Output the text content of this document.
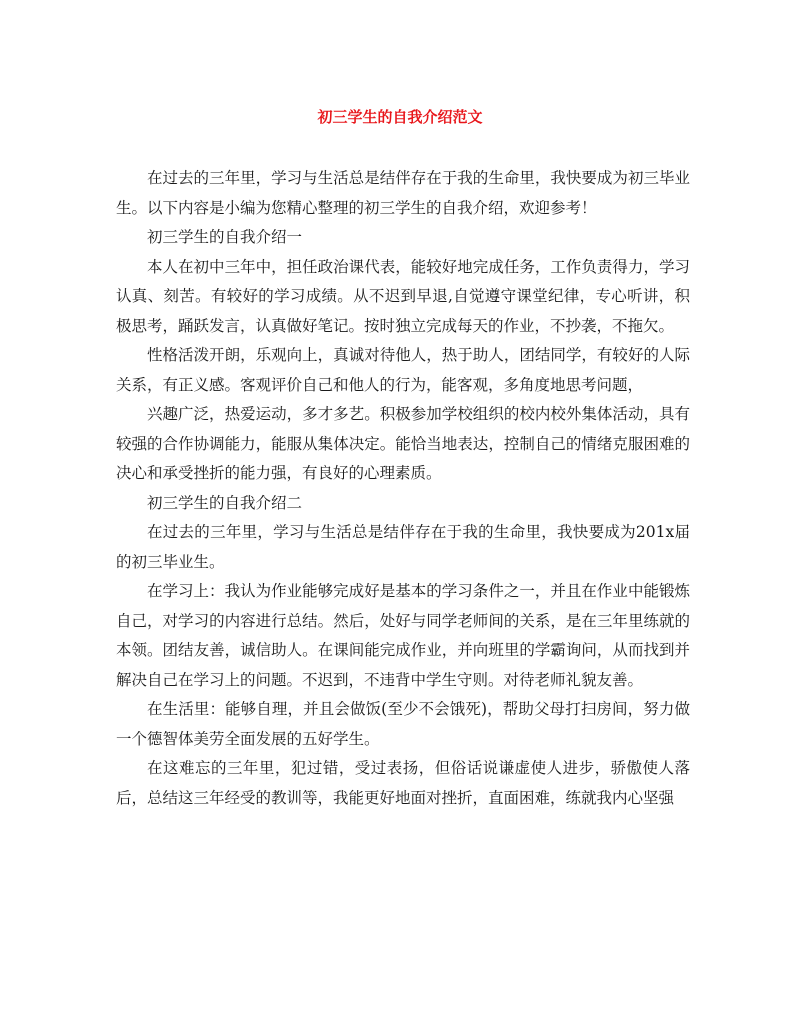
初三学生的自我介绍范文

在过去的三年里，学习与生活总是结伴存在于我的生命里，我快要成为初三毕业生。以下内容是小编为您精心整理的初三学生的自我介绍，欢迎参考！

初三学生的自我介绍一

本人在初中三年中，担任政治课代表，能较好地完成任务，工作负责得力，学习认真、刻苦。有较好的学习成绩。从不迟到早退,自觉遵守课堂纪律，专心听讲，积极思考，踊跃发言，认真做好笔记。按时独立完成每天的作业，不抄袭，不拖欠。

性格活泼开朗，乐观向上，真诚对待他人，热于助人，团结同学，有较好的人际关系，有正义感。客观评价自己和他人的行为，能客观，多角度地思考问题，

兴趣广泛，热爱运动，多才多艺。积极参加学校组织的校内校外集体活动，具有较强的合作协调能力，能服从集体决定。能恰当地表达，控制自己的情绪克服困难的决心和承受挫折的能力强，有良好的心理素质。

初三学生的自我介绍二

在过去的三年里，学习与生活总是结伴存在于我的生命里，我快要成为201x届的初三毕业生。

在学习上：我认为作业能够完成好是基本的学习条件之一，并且在作业中能锻炼自己，对学习的内容进行总结。然后，处好与同学老师间的关系，是在三年里练就的本领。团结友善，诚信助人。在课间能完成作业，并向班里的学霸询问，从而找到并解决自己在学习上的问题。不迟到，不违背中学生守则。对待老师礼貌友善。

在生活里：能够自理，并且会做饭(至少不会饿死)，帮助父母打扫房间，努力做一个德智体美劳全面发展的五好学生。

在这难忘的三年里，犯过错，受过表扬，但俗话说谦虚使人进步，骄傲使人落后，总结这三年经受的教训等，我能更好地面对挫折，直面困难，练就我内心坚强
